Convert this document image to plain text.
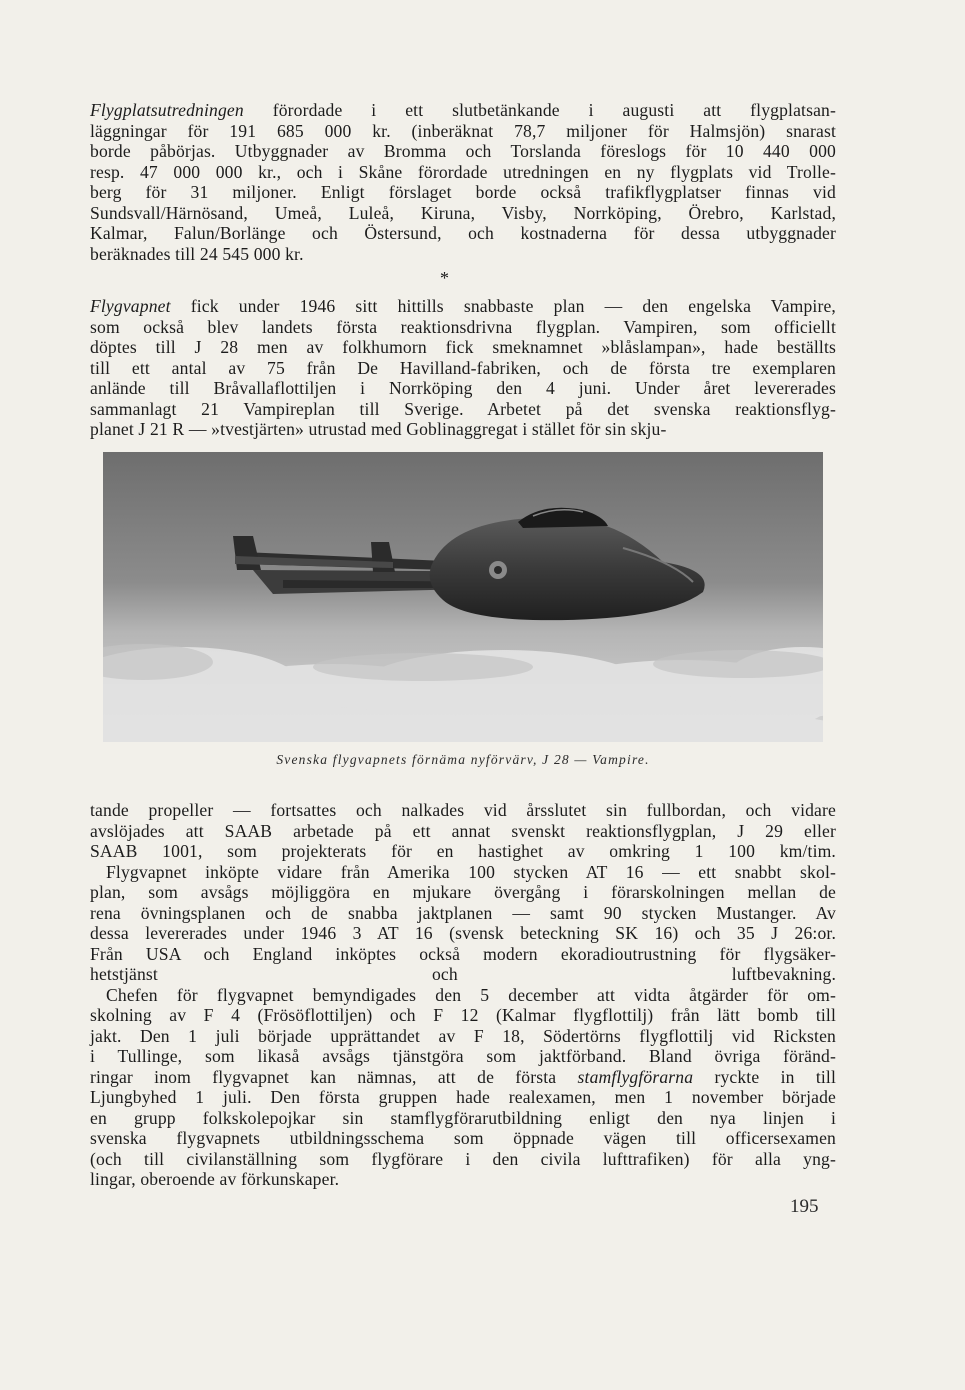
Flygplatsutredningen förordade i ett slutbetänkande i augusti att flygplatsan-
läggningar för 191 685 000 kr. (inberäknat 78,7 miljoner för Halmsjön) snarast
borde påbörjas. Utbyggnader av Bromma och Torslanda föreslogs för 10 440 000
resp. 47 000 000 kr., och i Skåne förordade utredningen en ny flygplats vid Trolle-
berg för 31 miljoner. Enligt förslaget borde också trafikflygplatser finnas vid
Sundsvall/Härnösand, Umeå, Luleå, Kiruna, Visby, Norrköping, Örebro, Karlstad,
Kalmar, Falun/Borlänge och Östersund, och kostnaderna för dessa utbyggnader
beräknades till 24 545 000 kr.
*
Flygvapnet fick under 1946 sitt hittills snabbaste plan — den engelska Vampire,
som också blev landets första reaktionsdrivna flygplan. Vampiren, som officiellt
döptes till J 28 men av folkhumorn fick smeknamnet »blåslampan», hade beställts
till ett antal av 75 från De Havilland-fabriken, och de första tre exemplaren
anlände till Bråvallaflottiljen i Norrköping den 4 juni. Under året levererades
sammanlagt 21 Vampireplan till Sverige. Arbetet på det svenska reaktionsflyg-
planet J 21 R — »tvestjärten» utrustad med Goblinaggregat i stället för sin skju-
Svenska flygvapnets förnäma nyförvärv, J 28 — Vampire.
tande propeller — fortsattes och nalkades vid årsslutet sin fullbordan, och vidare
avslöjades att SAAB arbetade på ett annat svenskt reaktionsflygplan, J 29 eller
SAAB 1001, som projekterats för en hastighet av omkring 1 100 km/tim.
Flygvapnet inköpte vidare från Amerika 100 stycken AT 16 — ett snabbt skol-
plan, som avsågs möjliggöra en mjukare övergång i förarskolningen mellan de
rena övningsplanen och de snabba jaktplanen — samt 90 stycken Mustanger. Av
dessa levererades under 1946 3 AT 16 (svensk beteckning SK 16) och 35 J 26:or.
Från USA och England inköptes också modern ekoradioutrustning för flygsäker-
hetstjänst och luftbevakning.
Chefen för flygvapnet bemyndigades den 5 december att vidta åtgärder för om-
skolning av F 4 (Frösöflottiljen) och F 12 (Kalmar flygflottilj) från lätt bomb till
jakt. Den 1 juli började upprättandet av F 18, Södertörns flygflottilj vid Ricksten
i Tullinge, som likaså avsågs tjänstgöra som jaktförband. Bland övriga föränd-
ringar inom flygvapnet kan nämnas, att de första stamflygförarna ryckte in till
Ljungbyhed 1 juli. Den första gruppen hade realexamen, men 1 november började
en grupp folkskolepojkar sin stamflygförarutbildning enligt den nya linjen i
svenska flygvapnets utbildningsschema som öppnade vägen till officersexamen
(och till civilanställning som flygförare i den civila lufttrafiken) för alla yng-
lingar, oberoende av förkunskaper.
195
